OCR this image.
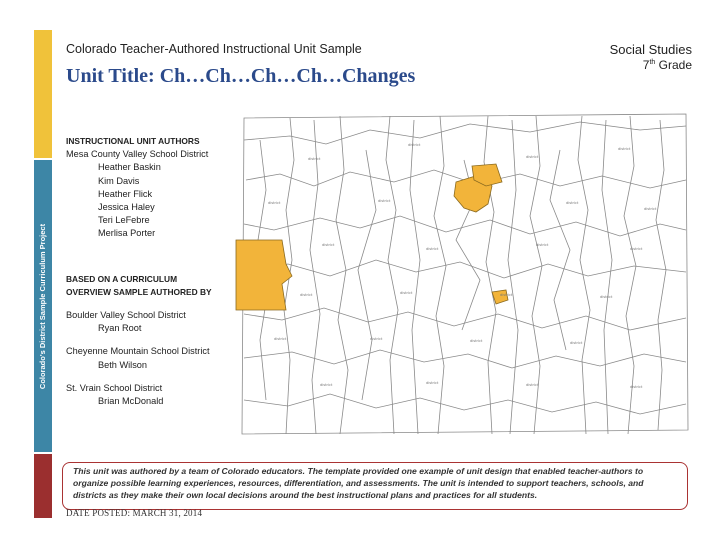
Colorado's District Sample Curriculum Project
Colorado Teacher-Authored Instructional Unit Sample
Unit Title: Ch…Ch…Ch…Ch…Changes
Social Studies
7th Grade
district
district
district
district
district	district	district
district
district
district
district
district
district	district	district	district
district	district	district	district
district	district	district	district
INSTRUCTIONAL UNIT AUTHORS
Mesa County Valley School District
Heather Baskin
Kim Davis
Heather Flick
Jessica Haley
Teri LeFebre
Merlisa Porter
BASED ON A CURRICULUM
OVERVIEW SAMPLE AUTHORED BY
Boulder Valley School District
Ryan Root
Cheyenne Mountain School District
Beth Wilson
St. Vrain School District
Brian McDonald
This unit was authored by a team of Colorado educators. The template provided one example of unit design that enabled teacher-authors to organize possible learning experiences, resources, differentiation, and assessments. The unit is intended to support teachers, schools, and districts as they make their own local decisions around the best instructional plans and practices for all students.
DATE POSTED: MARCH 31, 2014
